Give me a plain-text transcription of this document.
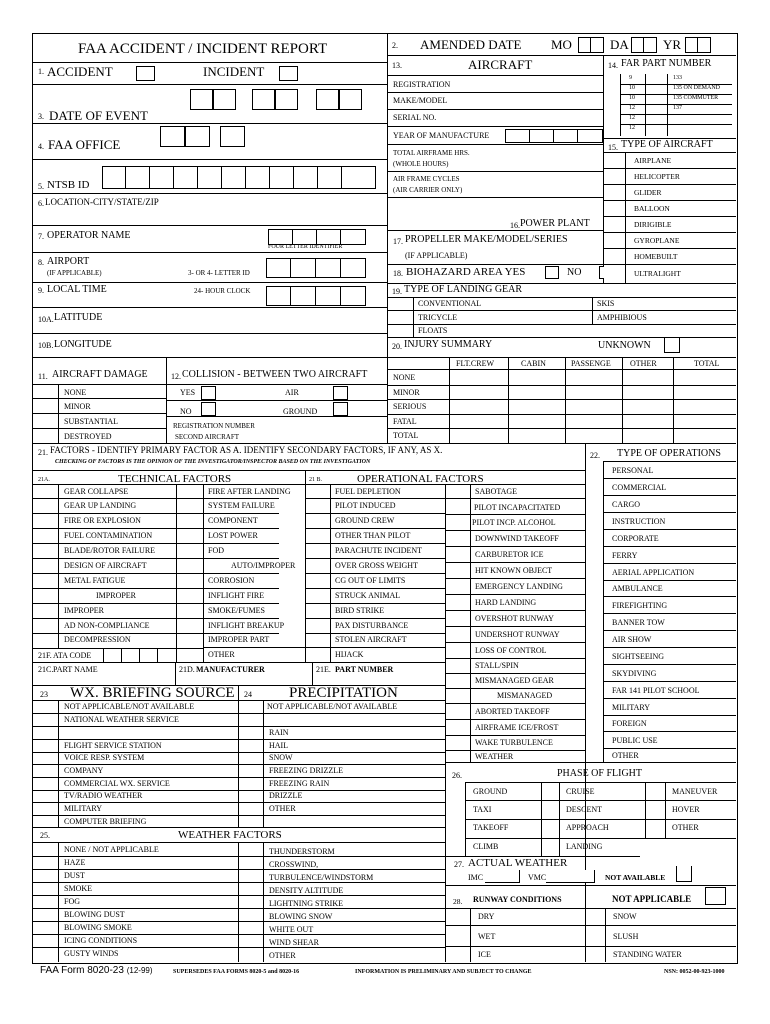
FAA ACCIDENT / INCIDENT REPORT
1. ACCIDENT	INCIDENT
3. DATE OF EVENT
4. FAA OFFICE
5. NTSB ID
6. LOCATION-CITY/STATE/ZIP
7. OPERATOR NAME
FOUR LETTER IDENTIFIER
8. AIRPORT
(IF APPLICABLE)	3- OR 4- LETTER ID
9. LOCAL TIME	24- HOUR CLOCK
10A. LATITUDE
10B. LONGITUDE
2. AMENDED DATE MO	DA	YR
13.	AIRCRAFT
REGISTRATION
MAKE/MODEL
SERIAL NO.
YEAR OF MANUFACTURE
TOTAL AIRFRAME HRS.
(WHOLE HOURS)
AIR FRAME CYCLES
(AIR CARRIER ONLY)
16. POWER PLANT
17. PROPELLER MAKE/MODEL/SERIES
(IF APPLICABLE)
18. BIOHAZARD AREA YES	NO
14. FAR PART NUMBER
9	133
10	135 ON DEMAND
10	135 COMMUTER
12	137
12
12
15. TYPE OF AIRCRAFT
AIRPLANE
HELICOPTER
GLIDER
BALLOON
DIRIGIBLE
GYROPLANE
HOMEBUILT
ULTRALIGHT
19. TYPE OF LANDING GEAR
CONVENTIONAL	SKIS
TRICYCLE	AMPHIBIOUS
FLOATS
20. INJURY SUMMARY	UNKNOWN
FLT.CREW	CABIN	PASSENGE OTHER	TOTAL
NONE
MINOR
SERIOUS
FATAL
TOTAL
11. AIRCRAFT DAMAGE	12. COLLISION - BETWEEN TWO AIRCRAFT
NONE
MINOR
SUBSTANTIAL
DESTROYED
YES	AIR
NO	GROUND
REGISTRATION NUMBER
SECOND AIRCRAFT
21. FACTORS - IDENTIFY PRIMARY FACTOR AS A. IDENTIFY SECONDARY FACTORS, IF ANY, AS X.
CHECKING OF FACTORS IS THE OPINION OF THE INVESTIGATOR/INSPECTOR BASED ON THE INVESTIGATION
22. TYPE OF OPERATIONS
21A.	TECHNICAL FACTORS	21 B.	OPERATIONAL FACTORS
GEAR COLLAPSE
GEAR UP LANDING
FIRE OR EXPLOSION
FUEL CONTAMINATION
BLADE/ROTOR FAILURE
DESIGN OF AIRCRAFT
METAL FATIGUE
IMPROPER
IMPROPER
AD NON-COMPLIANCE
DECOMPRESSION
FIRE AFTER LANDING
SYSTEM FAILURE
COMPONENT
LOST POWER
FOD
AUTO/IMPROPER
CORROSION
INFLIGHT FIRE
SMOKE/FUMES
INFLIGHT BREAKUP
IMPROPER PART
OTHER
21F. ATA CODE
FUEL DEPLETION
PILOT INDUCED
GROUND CREW
OTHER THAN PILOT
PARACHUTE INCIDENT
OVER GROSS WEIGHT
CG OUT OF LIMITS
STRUCK ANIMAL
BIRD STRIKE
PAX DISTURBANCE
STOLEN AIRCRAFT
HIJACK
SABOTAGE
PILOT INCAPACITATED
PILOT INCP. ALCOHOL
DOWNWIND TAKEOFF
CARBURETOR ICE
HIT KNOWN OBJECT
EMERGENCY LANDING
HARD LANDING
OVERSHOT RUNWAY
UNDERSHOT RUNWAY
LOSS OF CONTROL
STALL/SPIN
MISMANAGED GEAR
MISMANAGED
ABORTED TAKEOFF
AIRFRAME ICE/FROST
WAKE TURBULENCE
WEATHER
21C. PART NAME	21D. MANUFACTURER	21E. PART NUMBER
PERSONAL
COMMERCIAL
CARGO
INSTRUCTION
CORPORATE
FERRY
AERIAL APPLICATION
AMBULANCE
FIREFIGHTING
BANNER TOW
AIR SHOW
SIGHTSEEING
SKYDIVING
FAR 141 PILOT SCHOOL
MILITARY
FOREIGN
PUBLIC USE
OTHER
23 WX. BRIEFING SOURCE 24 PRECIPITATION
NOT APPLICABLE/NOT AVAILABLE
NATIONAL WEATHER SERVICE
FLIGHT SERVICE STATION
VOICE RESP. SYSTEM
COMPANY
COMMERCIAL WX. SERVICE
TV/RADIO WEATHER
MILITARY
COMPUTER BRIEFING
NOT APPLICABLE/NOT AVAILABLE
RAIN
HAIL
SNOW
FREEZING DRIZZLE
FREEZING RAIN
DRIZZLE
OTHER
26.	PHASE OF FLIGHT
GROUND	CRUISE	MANEUVER
TAXI	DESCENT	HOVER
TAKEOFF	APPROACH	OTHER
CLIMB	LANDING
25.	WEATHER FACTORS
NONE / NOT APPLICABLE
HAZE
DUST
SMOKE
FOG
BLOWING DUST
BLOWING SMOKE
ICING CONDITIONS
GUSTY WINDS
THUNDERSTORM
CROSSWIND,
TURBULENCE/WINDSTORM
DENSITY ALTITUDE
LIGHTNING STRIKE
BLOWING SNOW
WHITE OUT
WIND SHEAR
OTHER
27. ACTUAL WEATHER
IMC	VMC	NOT AVAILABLE
28. RUNWAY CONDITIONS	NOT APPLICABLE
DRY	SNOW
WET	SLUSH
ICE	STANDING WATER
FAA Form 8020-23 (12-99)	SUPERSEDES FAA FORMS 8020-5 and 8020-16	INFORMATION IS PRELIMINARY AND SUBJECT TO CHANGE	NSN: 0052-00-923-1000
